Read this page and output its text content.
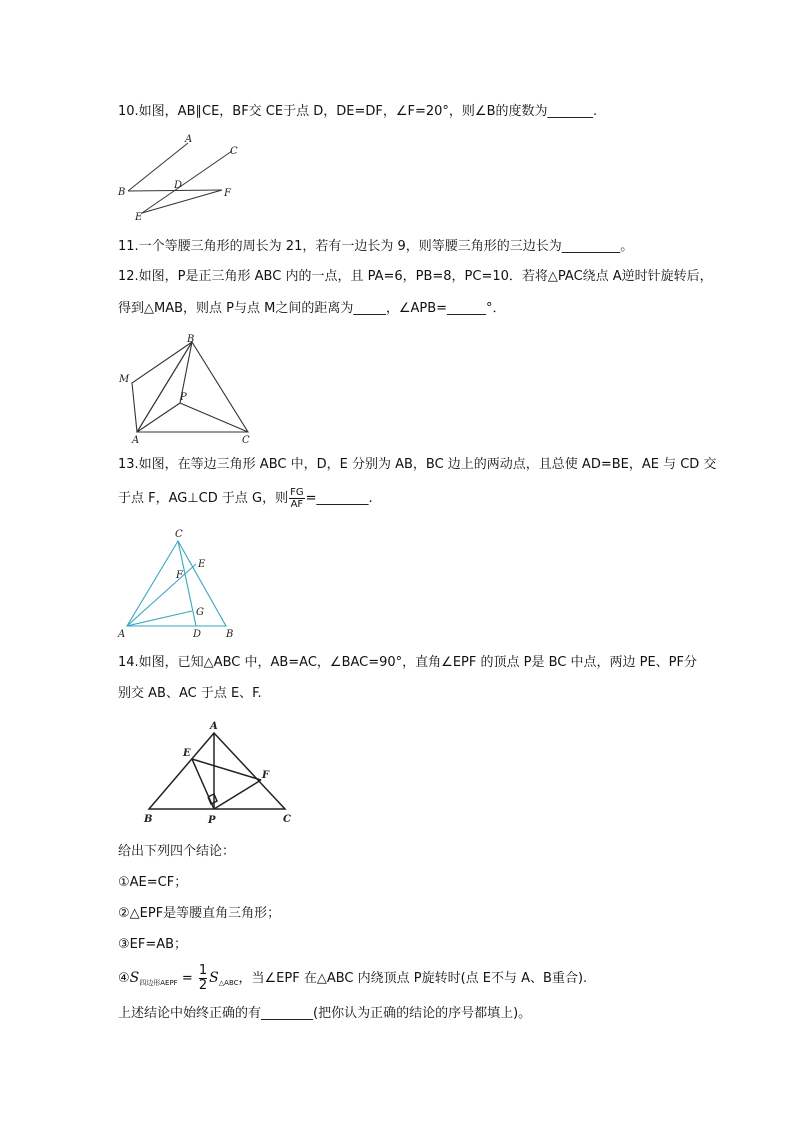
10.如图，AB∥CE，BF交 CE于点 D，DE=DF，∠F=20°，则∠B的度数为_______.
A
B
C
D
E
F
11.一个等腰三角形的周长为 21，若有一边长为 9，则等腰三角形的三边长为_________。
12.如图，P是正三角形 ABC 内的一点，且 PA=6，PB=8，PC=10．若将△PAC绕点 A逆时针旋转后，
得到△MAB，则点 P与点 M之间的距离为_____，∠APB=______°．
B
M
P
A	C
13.如图，在等边三角形 ABC 中，D，E 分别为 AB，BC 边上的两动点，且总使 AD=BE，AE 与 CD 交
于点 F，AG⊥CD 于点 G，则 $\frac{FG}{AF}$ =________.
C
E
F
G
A	D B
14.如图，已知△ABC 中，AB=AC，∠BAC=90°，直角∠EPF 的顶点 P是 BC 中点，两边 PE、PF分
别交 AB、AC 于点 E、F.
A
E
F
B	P	C
给出下列四个结论：
①AE=CF；
②△EPF是等腰直角三角形；
③EF=AB；
$④S_{四边形AEPF} = \frac{1}{2} S_{\triangle ABC}$，当∠EPF 在△ABC 内绕顶点 P旋转时(点 E不与 A、B重合).
上述结论中始终正确的有________(把你认为正确的结论的序号都填上)。
